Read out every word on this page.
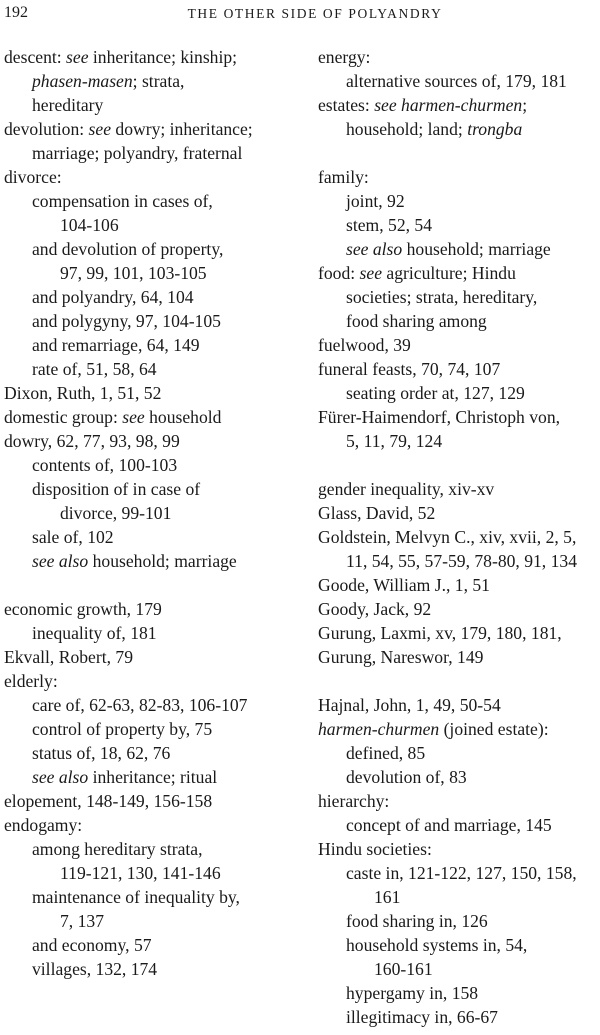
192	THE OTHER SIDE OF POLYANDRY
descent: see inheritance; kinship;
phasen-masen; strata,
hereditary
devolution: see dowry; inheritance;
marriage; polyandry, fraternal
divorce:
compensation in cases of,
104-106
and devolution of property,
97, 99, 101, 103-105
and polyandry, 64, 104
and polygyny, 97, 104-105
and remarriage, 64, 149
rate of, 51, 58, 64
Dixon, Ruth, 1, 51, 52
domestic group: see household
dowry, 62, 77, 93, 98, 99
contents of, 100-103
disposition of in case of
divorce, 99-101
sale of, 102
see also household; marriage
economic growth, 179
inequality of, 181
Ekvall, Robert, 79
elderly:
care of, 62-63, 82-83, 106-107
control of property by, 75
status of, 18, 62, 76
see also inheritance; ritual
elopement, 148-149, 156-158
endogamy:
among hereditary strata,
119-121, 130, 141-146
maintenance of inequality by,
7, 137
and economy, 57
villages, 132, 174
energy:
alternative sources of, 179, 181
estates: see harmen-churmen;
household; land; trongba
family:
joint, 92
stem, 52, 54
see also household; marriage
food: see agriculture; Hindu
societies; strata, hereditary,
food sharing among
fuelwood, 39
funeral feasts, 70, 74, 107
seating order at, 127, 129
Fürer-Haimendorf, Christoph von,
5, 11, 79, 124
gender inequality, xiv-xv
Glass, David, 52
Goldstein, Melvyn C., xiv, xvii, 2, 5,
11, 54, 55, 57-59, 78-80, 91, 134
Goode, William J., 1, 51
Goody, Jack, 92
Gurung, Laxmi, xv, 179, 180, 181,
Gurung, Nareswor, 149
Hajnal, John, 1, 49, 50-54
harmen-churmen (joined estate):
defined, 85
devolution of, 83
hierarchy:
concept of and marriage, 145
Hindu societies:
caste in, 121-122, 127, 150, 158,
161
food sharing in, 126
household systems in, 54,
160-161
hypergamy in, 158
illegitimacy in, 66-67
